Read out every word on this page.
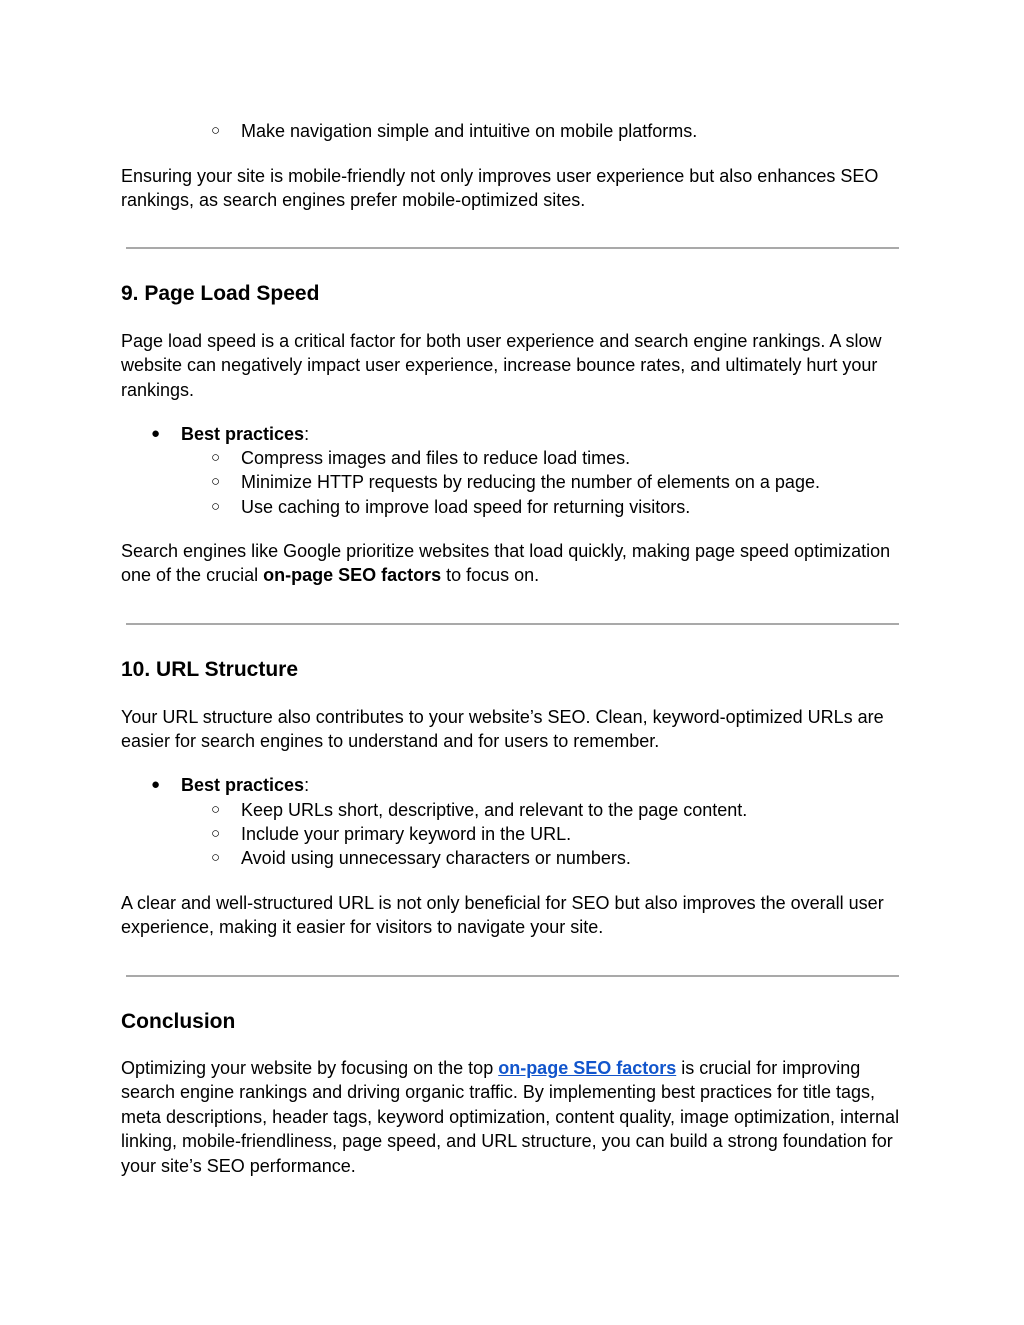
○ Make navigation simple and intuitive on mobile platforms.

Ensuring your site is mobile-friendly not only improves user experience but also enhances SEO rankings, as search engines prefer mobile-optimized sites.

9. Page Load Speed

Page load speed is a critical factor for both user experience and search engine rankings. A slow website can negatively impact user experience, increase bounce rates, and ultimately hurt your rankings.

● Best practices:
○ Compress images and files to reduce load times.
○ Minimize HTTP requests by reducing the number of elements on a page.
○ Use caching to improve load speed for returning visitors.

Search engines like Google prioritize websites that load quickly, making page speed optimization one of the crucial on-page SEO factors to focus on.

10. URL Structure

Your URL structure also contributes to your website’s SEO. Clean, keyword-optimized URLs are easier for search engines to understand and for users to remember.

● Best practices:
○ Keep URLs short, descriptive, and relevant to the page content.
○ Include your primary keyword in the URL.
○ Avoid using unnecessary characters or numbers.

A clear and well-structured URL is not only beneficial for SEO but also improves the overall user experience, making it easier for visitors to navigate your site.

Conclusion

Optimizing your website by focusing on the top on-page SEO factors is crucial for improving search engine rankings and driving organic traffic. By implementing best practices for title tags, meta descriptions, header tags, keyword optimization, content quality, image optimization, internal linking, mobile-friendliness, page speed, and URL structure, you can build a strong foundation for your site’s SEO performance.
